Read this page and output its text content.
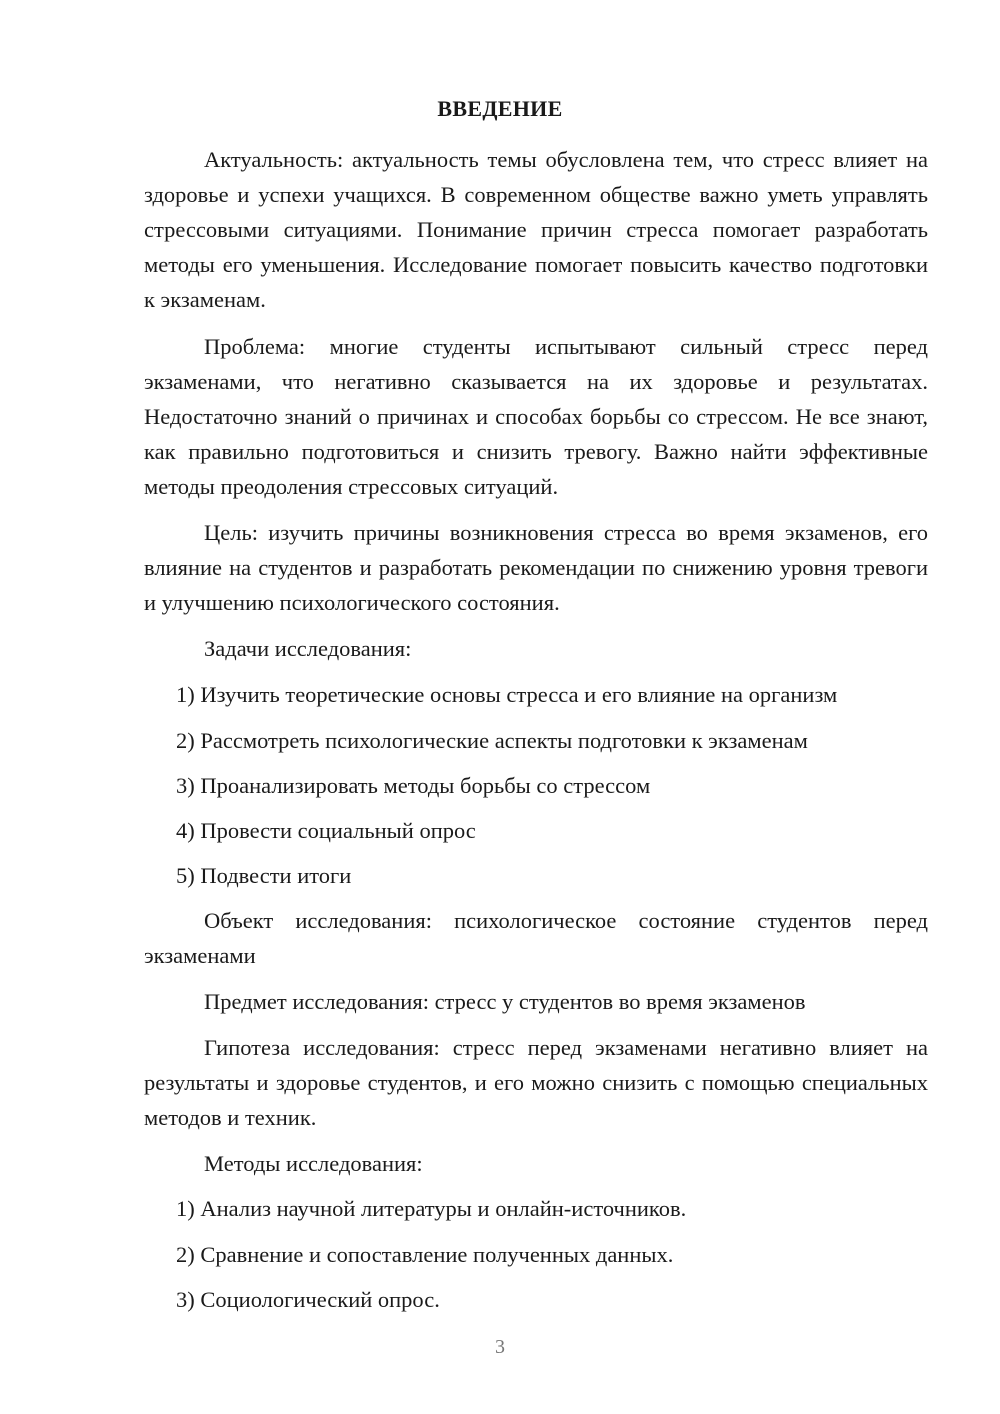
ВВЕДЕНИЕ

Актуальность: актуальность темы обусловлена тем, что стресс влияет на здоровье и успехи учащихся. В современном обществе важно уметь управлять стрессовыми ситуациями. Понимание причин стресса помогает разработать методы его уменьшения. Исследование помогает повысить качество подготовки к экзаменам.

Проблема: многие студенты испытывают сильный стресс перед экзаменами, что негативно сказывается на их здоровье и результатах. Недостаточно знаний о причинах и способах борьбы со стрессом. Не все знают, как правильно подготовиться и снизить тревогу. Важно найти эффективные методы преодоления стрессовых ситуаций.

Цель: изучить причины возникновения стресса во время экзаменов, его влияние на студентов и разработать рекомендации по снижению уровня тревоги и улучшению психологического состояния.

Задачи исследования:

1) Изучить теоретические основы стресса и его влияние на организм

2) Рассмотреть психологические аспекты подготовки к экзаменам

3) Проанализировать методы борьбы со стрессом

4) Провести социальный опрос

5) Подвести итоги

Объект исследования: психологическое состояние студентов перед экзаменами

Предмет исследования: стресс у студентов во время экзаменов

Гипотеза исследования: стресс перед экзаменами негативно влияет на результаты и здоровье студентов, и его можно снизить с помощью специальных методов и техник.

Методы исследования:

1) Анализ научной литературы и онлайн-источников.

2) Сравнение и сопоставление полученных данных.

3) Социологический опрос.

3
